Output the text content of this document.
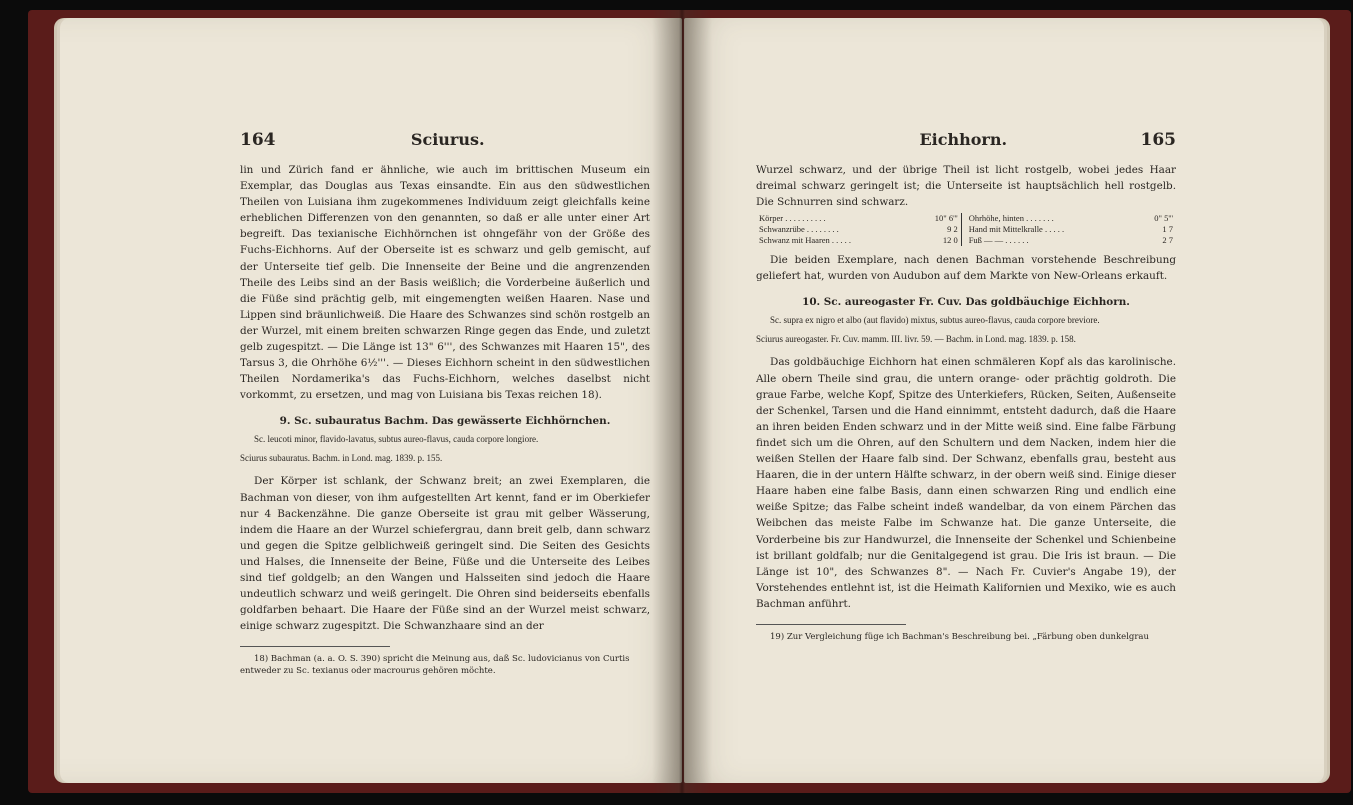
164	Sciurus.

lin und Zürich fand er ähnliche, wie auch im brittischen Museum ein Exemplar, das Douglas aus Texas einsandte. Ein aus den südwestlichen Theilen von Luisiana ihm zugekommenes Individuum zeigt gleichfalls keine erheblichen Differenzen von den genannten, so daß er alle unter einer Art begreift. Das texianische Eichhörnchen ist ohngefähr von der Größe des Fuchs-Eichhorns. Auf der Oberseite ist es schwarz und gelb gemischt, auf der Unterseite tief gelb. Die Innenseite der Beine und die angrenzenden Theile des Leibs sind an der Basis weißlich; die Vorderbeine äußerlich und die Füße sind prächtig gelb, mit eingemengten weißen Haaren. Nase und Lippen sind bräunlichweiß. Die Haare des Schwanzes sind schön rostgelb an der Wurzel, mit einem breiten schwarzen Ringe gegen das Ende, und zuletzt gelb zugespitzt. — Die Länge ist 13" 6''', des Schwanzes mit Haaren 15", des Tarsus 3, die Ohrhöhe 6½'''. — Dieses Eichhorn scheint in den südwestlichen Theilen Nordamerika's das Fuchs-Eichhorn, welches daselbst nicht vorkommt, zu ersetzen, und mag von Luisiana bis Texas reichen 18).

9. Sc. subauratus Bachm. Das gewässerte Eichhörnchen.

Sc. leucoti minor, flavido-lavatus, subtus aureo-flavus, cauda corpore longiore.

Sciurus subauratus. Bachm. in Lond. mag. 1839. p. 155.

Der Körper ist schlank, der Schwanz breit; an zwei Exemplaren, die Bachman von dieser, von ihm aufgestellten Art kennt, fand er im Oberkiefer nur 4 Backenzähne. Die ganze Oberseite ist grau mit gelber Wässerung, indem die Haare an der Wurzel schiefergrau, dann breit gelb, dann schwarz und gegen die Spitze gelblichweiß geringelt sind. Die Seiten des Gesichts und Halses, die Innenseite der Beine, Füße und die Unterseite des Leibes sind tief goldgelb; an den Wangen und Halsseiten sind jedoch die Haare undeutlich schwarz und weiß geringelt. Die Ohren sind beiderseits ebenfalls goldfarben behaart. Die Haare der Füße sind an der Wurzel meist schwarz, einige schwarz zugespitzt. Die Schwanzhaare sind an der

18) Bachman (a. a. O. S. 390) spricht die Meinung aus, daß Sc. ludovicianus von Curtis entweder zu Sc. texianus oder macrourus gehören möchte.

Eichhorn.	165

Wurzel schwarz, und der übrige Theil ist licht rostgelb, wobei jedes Haar dreimal schwarz geringelt ist; die Unterseite ist hauptsächlich hell rostgelb. Die Schnurren sind schwarz.

Körper . . . . . . . . . .	10" 6'''		Ohrhöhe, hinten . . . . . . .	0" 5'''
Schwanzrübe . . . . . . . .	9 2		Hand mit Mittelkralle . . . . .	1 7
Schwanz mit Haaren . . . . .	12 0		Fuß — — . . . . . .	2 7

Die beiden Exemplare, nach denen Bachman vorstehende Beschreibung geliefert hat, wurden von Audubon auf dem Markte von New-Orleans erkauft.

10. Sc. aureogaster Fr. Cuv. Das goldbäuchige Eichhorn.

Sc. supra ex nigro et albo (aut flavido) mixtus, subtus aureo-flavus, cauda corpore breviore.

Sciurus aureogaster. Fr. Cuv. mamm. III. livr. 59. — Bachm. in Lond. mag. 1839. p. 158.

Das goldbäuchige Eichhorn hat einen schmäleren Kopf als das karolinische. Alle obern Theile sind grau, die untern orange- oder prächtig goldroth. Die graue Farbe, welche Kopf, Spitze des Unterkiefers, Rücken, Seiten, Außenseite der Schenkel, Tarsen und die Hand einnimmt, entsteht dadurch, daß die Haare an ihren beiden Enden schwarz und in der Mitte weiß sind. Eine falbe Färbung findet sich um die Ohren, auf den Schultern und dem Nacken, indem hier die weißen Stellen der Haare falb sind. Der Schwanz, ebenfalls grau, besteht aus Haaren, die in der untern Hälfte schwarz, in der obern weiß sind. Einige dieser Haare haben eine falbe Basis, dann einen schwarzen Ring und endlich eine weiße Spitze; das Falbe scheint indeß wandelbar, da von einem Pärchen das Weibchen das meiste Falbe im Schwanze hat. Die ganze Unterseite, die Vorderbeine bis zur Handwurzel, die Innenseite der Schenkel und Schienbeine ist brillant goldfalb; nur die Genitalgegend ist grau. Die Iris ist braun. — Die Länge ist 10", des Schwanzes 8". — Nach Fr. Cuvier's Angabe 19), der Vorstehendes entlehnt ist, ist die Heimath Kalifornien und Mexiko, wie es auch Bachman anführt.

19) Zur Vergleichung füge ich Bachman's Beschreibung bei. „Färbung oben dunkelgrau
